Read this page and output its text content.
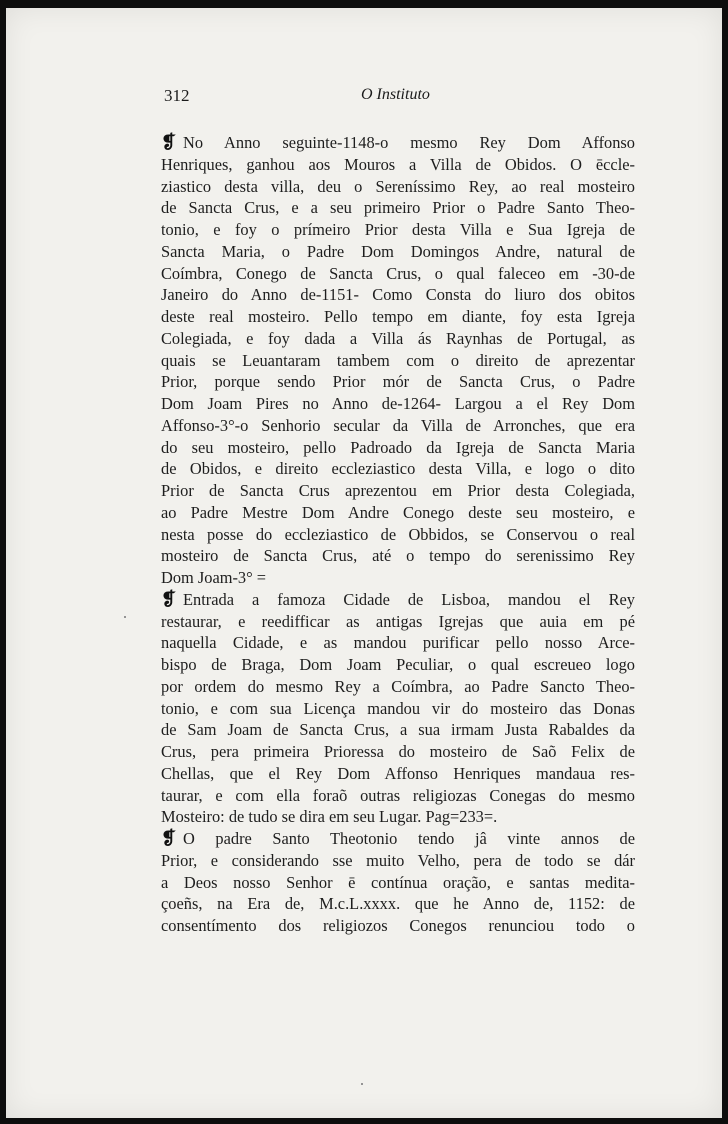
312	O Instituto
❡ No Anno seguinte-1148-o mesmo Rey Dom Affonso
Henriques, ganhou aos Mouros a Villa de Obidos. O ēccle-
ziastico desta villa, deu o Sereníssimo Rey, ao real mosteiro
de Sancta Crus, e a seu primeiro Prior o Padre Santo Theo-
tonio, e foy o prímeiro Prior desta Villa e Sua Igreja de
Sancta Maria, o Padre Dom Domingos Andre, natural de
Coímbra, Conego de Sancta Crus, o qual faleceo em -30-de
Janeiro do Anno de-1151- Como Consta do liuro dos obitos
deste real mosteiro. Pello tempo em diante, foy esta Igreja
Colegiada, e foy dada a Villa ás Raynhas de Portugal, as
quais se Leuantaram tambem com o direito de aprezentar
Prior, porque sendo Prior mór de Sancta Crus, o Padre
Dom Joam Pires no Anno de-1264- Largou a el Rey Dom
Affonso-3°-o Senhorio secular da Villa de Arronches, que era
do seu mosteiro, pello Padroado da Igreja de Sancta Maria
de Obidos, e direito eccleziastico desta Villa, e logo o dito
Prior de Sancta Crus aprezentou em Prior desta Colegiada,
ao Padre Mestre Dom Andre Conego deste seu mosteiro, e
nesta posse do eccleziastico de Obbidos, se Conservou o real
mosteiro de Sancta Crus, até o tempo do serenissimo Rey
Dom Joam-3° =
❡ Entrada a famoza Cidade de Lisboa, mandou el Rey
restaurar, e reedifficar as antigas Igrejas que auia em pé
naquella Cidade, e as mandou purificar pello nosso Arce-
bispo de Braga, Dom Joam Peculiar, o qual escreueo logo
por ordem do mesmo Rey a Coímbra, ao Padre Sancto Theo-
tonio, e com sua Licença mandou vir do mosteiro das Donas
de Sam Joam de Sancta Crus, a sua irmam Justa Rabaldes da
Crus, pera primeira Prioressa do mosteiro de Saõ Felix de
Chellas, que el Rey Dom Affonso Henriques mandaua res-
taurar, e com ella foraõ outras religiozas Conegas do mesmo
Mosteiro: de tudo se dira em seu Lugar. Pag=233=.
❡ O padre Santo Theotonio tendo jâ vinte annos de
Prior, e considerando sse muito Velho, pera de todo se dár
a Deos nosso Senhor ē contínua oração, e santas medita-
çoeñs, na Era de, M.c.L.xxxx. que he Anno de, 1152: de
consentímento dos religiozos Conegos renunciou todo o
